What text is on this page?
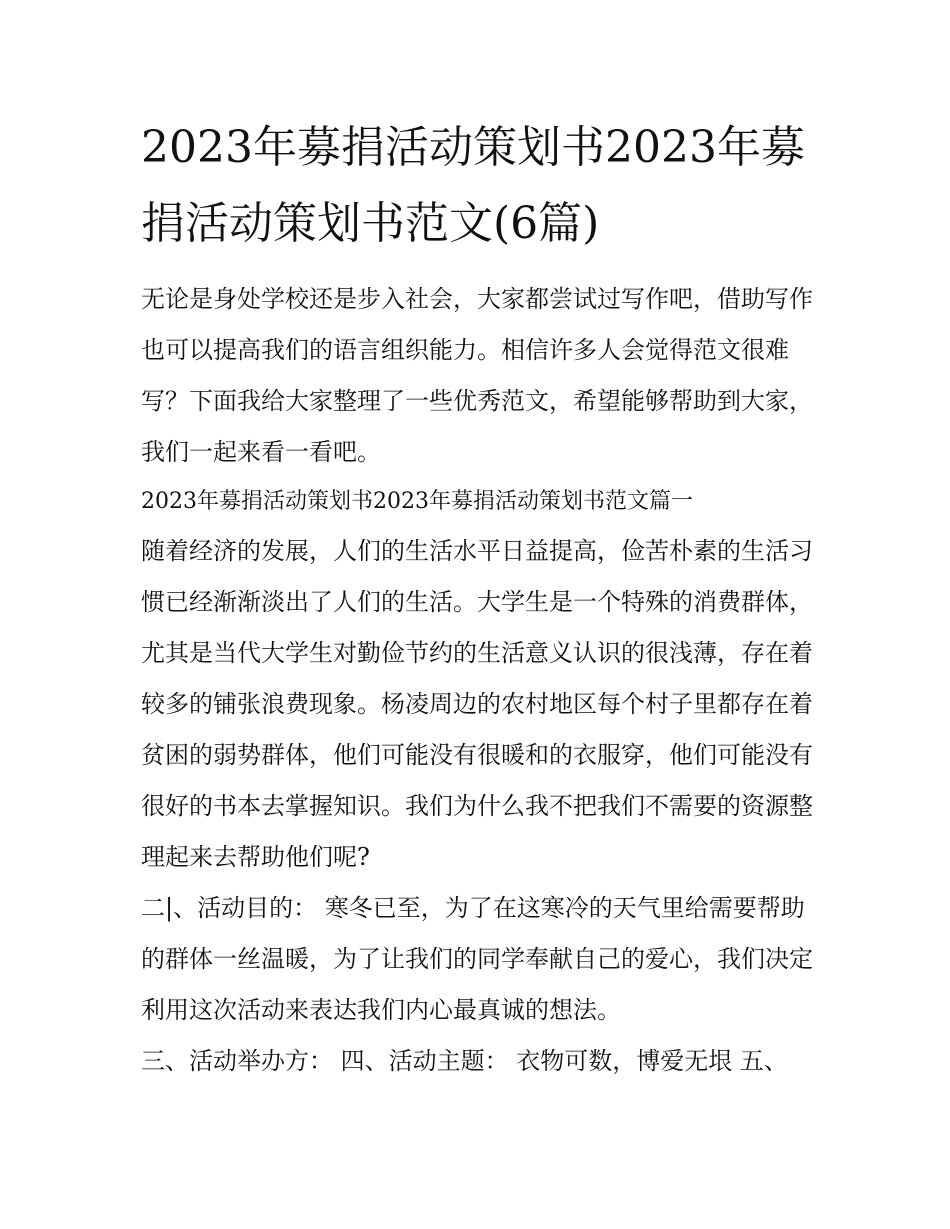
2023年募捐活动策划书2023年募捐活动策划书范文(6篇)

无论是身处学校还是步入社会，大家都尝试过写作吧，借助写作也可以提高我们的语言组织能力。相信许多人会觉得范文很难写？下面我给大家整理了一些优秀范文，希望能够帮助到大家，我们一起来看一看吧。

2023年募捐活动策划书2023年募捐活动策划书范文篇一

随着经济的发展，人们的生活水平日益提高，俭苦朴素的生活习惯已经渐渐淡出了人们的生活。大学生是一个特殊的消费群体，尤其是当代大学生对勤俭节约的生活意义认识的很浅薄，存在着较多的铺张浪费现象。杨凌周边的农村地区每个村子里都存在着贫困的弱势群体，他们可能没有很暖和的衣服穿，他们可能没有很好的书本去掌握知识。我们为什么我不把我们不需要的资源整理起来去帮助他们呢?

二|、活动目的： 寒冬已至，为了在这寒冷的天气里给需要帮助的群体一丝温暖，为了让我们的同学奉献自己的爱心，我们决定利用这次活动来表达我们内心最真诚的想法。

三、活动举办方： 四、活动主题： 衣物可数，博爱无垠 五、
